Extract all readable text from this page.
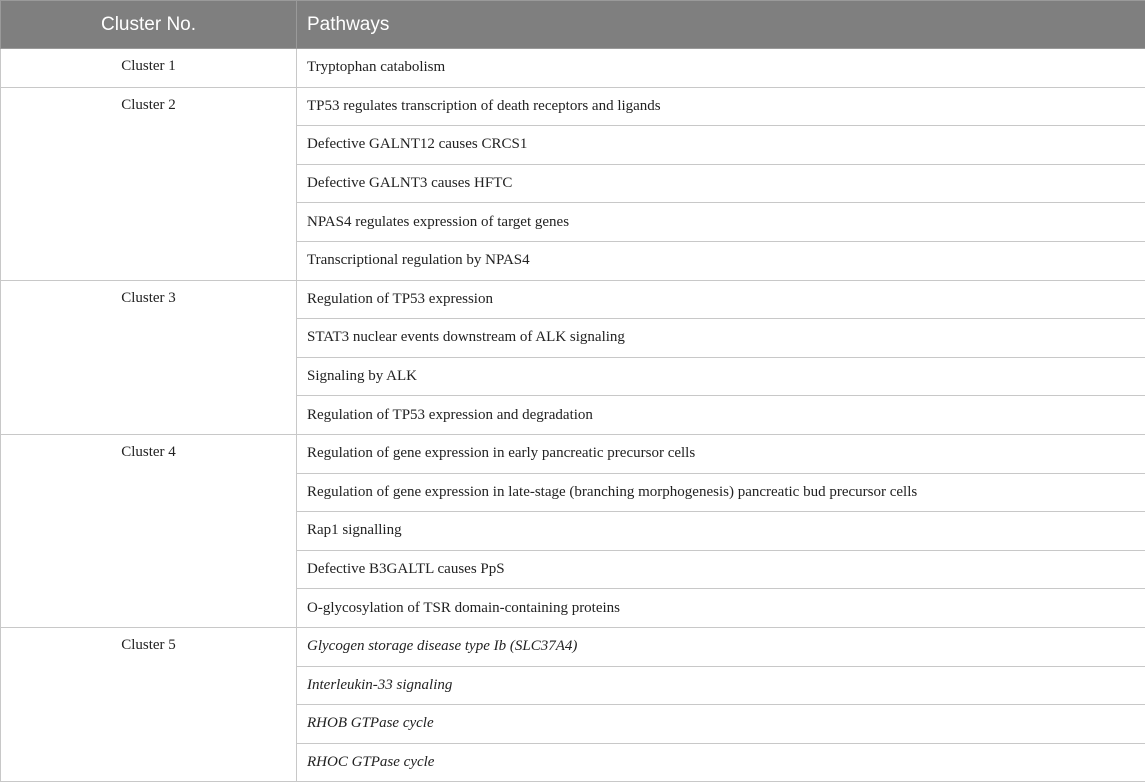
Cluster No.	Pathways
Cluster 1	Tryptophan catabolism
Cluster 2	TP53 regulates transcription of death receptors and ligands
	Defective GALNT12 causes CRCS1
	Defective GALNT3 causes HFTC
	NPAS4 regulates expression of target genes
	Transcriptional regulation by NPAS4
Cluster 3	Regulation of TP53 expression
	STAT3 nuclear events downstream of ALK signaling
	Signaling by ALK
	Regulation of TP53 expression and degradation
Cluster 4	Regulation of gene expression in early pancreatic precursor cells
	Regulation of gene expression in late-stage (branching morphogenesis) pancreatic bud precursor cells
	Rap1 signalling
	Defective B3GALTL causes PpS
	O-glycosylation of TSR domain-containing proteins
Cluster 5	Glycogen storage disease type Ib (SLC37A4)
	Interleukin-33 signaling
	RHOB GTPase cycle
	RHOC GTPase cycle
